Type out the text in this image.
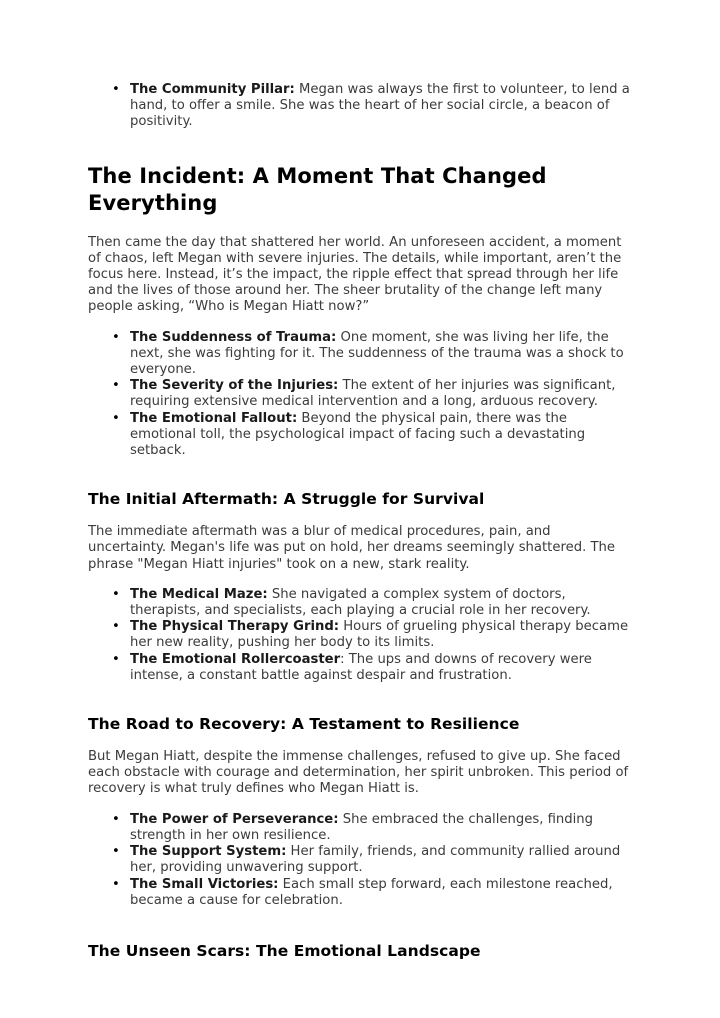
• The Community Pillar: Megan was always the first to volunteer, to lend a hand, to offer a smile. She was the heart of her social circle, a beacon of positivity.
The Incident: A Moment That Changed Everything

Then came the day that shattered her world. An unforeseen accident, a moment of chaos, left Megan with severe injuries. The details, while important, aren’t the focus here. Instead, it’s the impact, the ripple effect that spread through her life and the lives of those around her. The sheer brutality of the change left many people asking, “Who is Megan Hiatt now?”

• The Suddenness of Trauma: One moment, she was living her life, the next, she was fighting for it. The suddenness of the trauma was a shock to everyone.
• The Severity of the Injuries: The extent of her injuries was significant, requiring extensive medical intervention and a long, arduous recovery.
• The Emotional Fallout: Beyond the physical pain, there was the emotional toll, the psychological impact of facing such a devastating setback.
The Initial Aftermath: A Struggle for Survival

The immediate aftermath was a blur of medical procedures, pain, and uncertainty. Megan's life was put on hold, her dreams seemingly shattered. The phrase "Megan Hiatt injuries" took on a new, stark reality.

• The Medical Maze: She navigated a complex system of doctors, therapists, and specialists, each playing a crucial role in her recovery.
• The Physical Therapy Grind: Hours of grueling physical therapy became her new reality, pushing her body to its limits.
• The Emotional Rollercoaster: The ups and downs of recovery were intense, a constant battle against despair and frustration.
The Road to Recovery: A Testament to Resilience

But Megan Hiatt, despite the immense challenges, refused to give up. She faced each obstacle with courage and determination, her spirit unbroken. This period of recovery is what truly defines who Megan Hiatt is.

• The Power of Perseverance: She embraced the challenges, finding strength in her own resilience.
• The Support System: Her family, friends, and community rallied around her, providing unwavering support.
• The Small Victories: Each small step forward, each milestone reached, became a cause for celebration.
The Unseen Scars: The Emotional Landscape
